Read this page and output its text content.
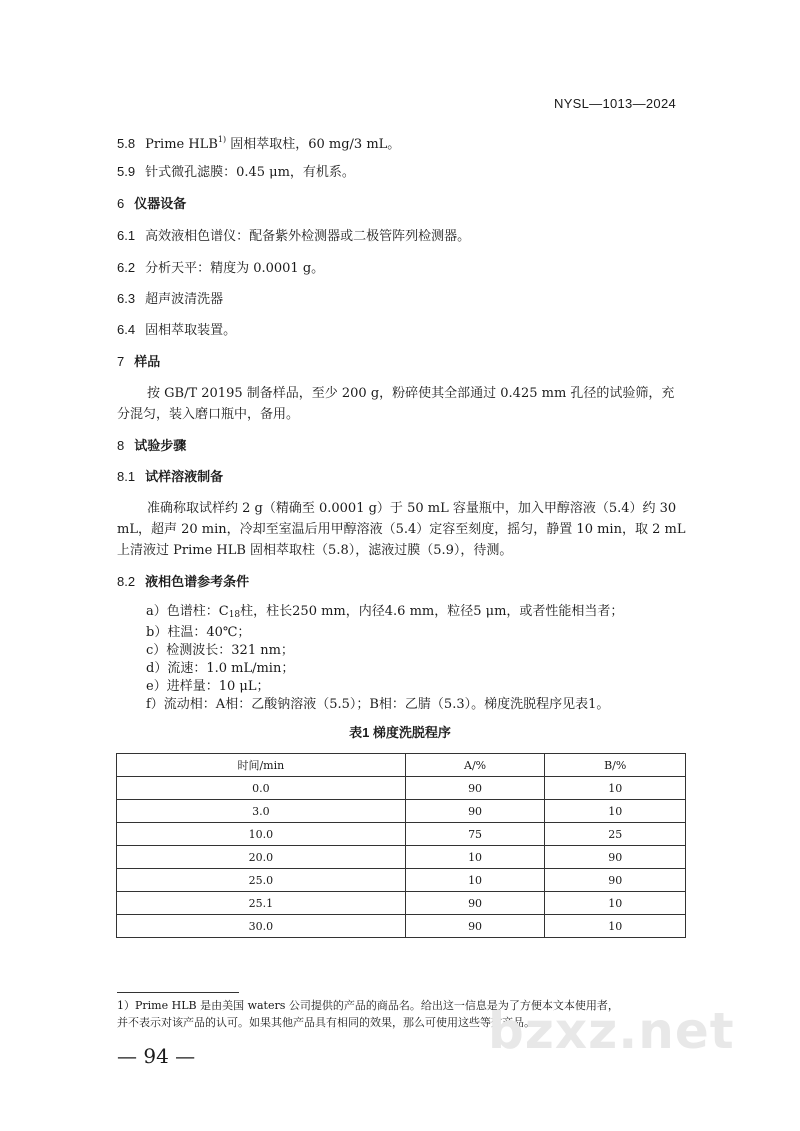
NYSL—1013—2024
5.8 Prime HLB$^{1)}$ 固相萃取柱，60 mg/3 mL。
5.9 针式微孔滤膜：0.45 μm，有机系。
6 仪器设备
6.1 高效液相色谱仪：配备紫外检测器或二极管阵列检测器。
6.2 分析天平：精度为 0.0001 g。
6.3 超声波清洗器
6.4 固相萃取装置。
7 样品
按 GB/T 20195 制备样品，至少 200 g，粉碎使其全部通过 0.425 mm 孔径的试验筛，充分混匀，装入磨口瓶中，备用。
8 试验步骤
8.1 试样溶液制备
准确称取试样约 2 g（精确至 0.0001 g）于 50 mL 容量瓶中，加入甲醇溶液（5.4）约 30 mL，超声 20 min，冷却至室温后用甲醇溶液（5.4）定容至刻度，摇匀，静置 10 min，取 2 mL 上清液过 Prime HLB 固相萃取柱（5.8），滤液过膜（5.9），待测。
8.2 液相色谱参考条件
a）色谱柱：$C_{18}$柱，柱长250 mm，内径4.6 mm，粒径5 μm，或者性能相当者；
b）柱温：40℃；
c）检测波长：321 nm；
d）流速：1.0 mL/min；
e）进样量：10 μL；
f）流动相：A相：乙酸钠溶液（5.5）；B相：乙腈（5.3）。梯度洗脱程序见表1。
表1 梯度洗脱程序
时间/min	A/%	B/%
0.0	90	10
3.0	90	10
10.0	75	25
20.0	10	90
25.0	10	90
25.1	90	10
30.0	90	10
1）Prime HLB 是由美国 waters 公司提供的产品的商品名。给出这一信息是为了方便本文本使用者，
并不表示对该产品的认可。如果其他产品具有相同的效果，那么可使用这些等效产品。
bzxz.net
— 94 —
